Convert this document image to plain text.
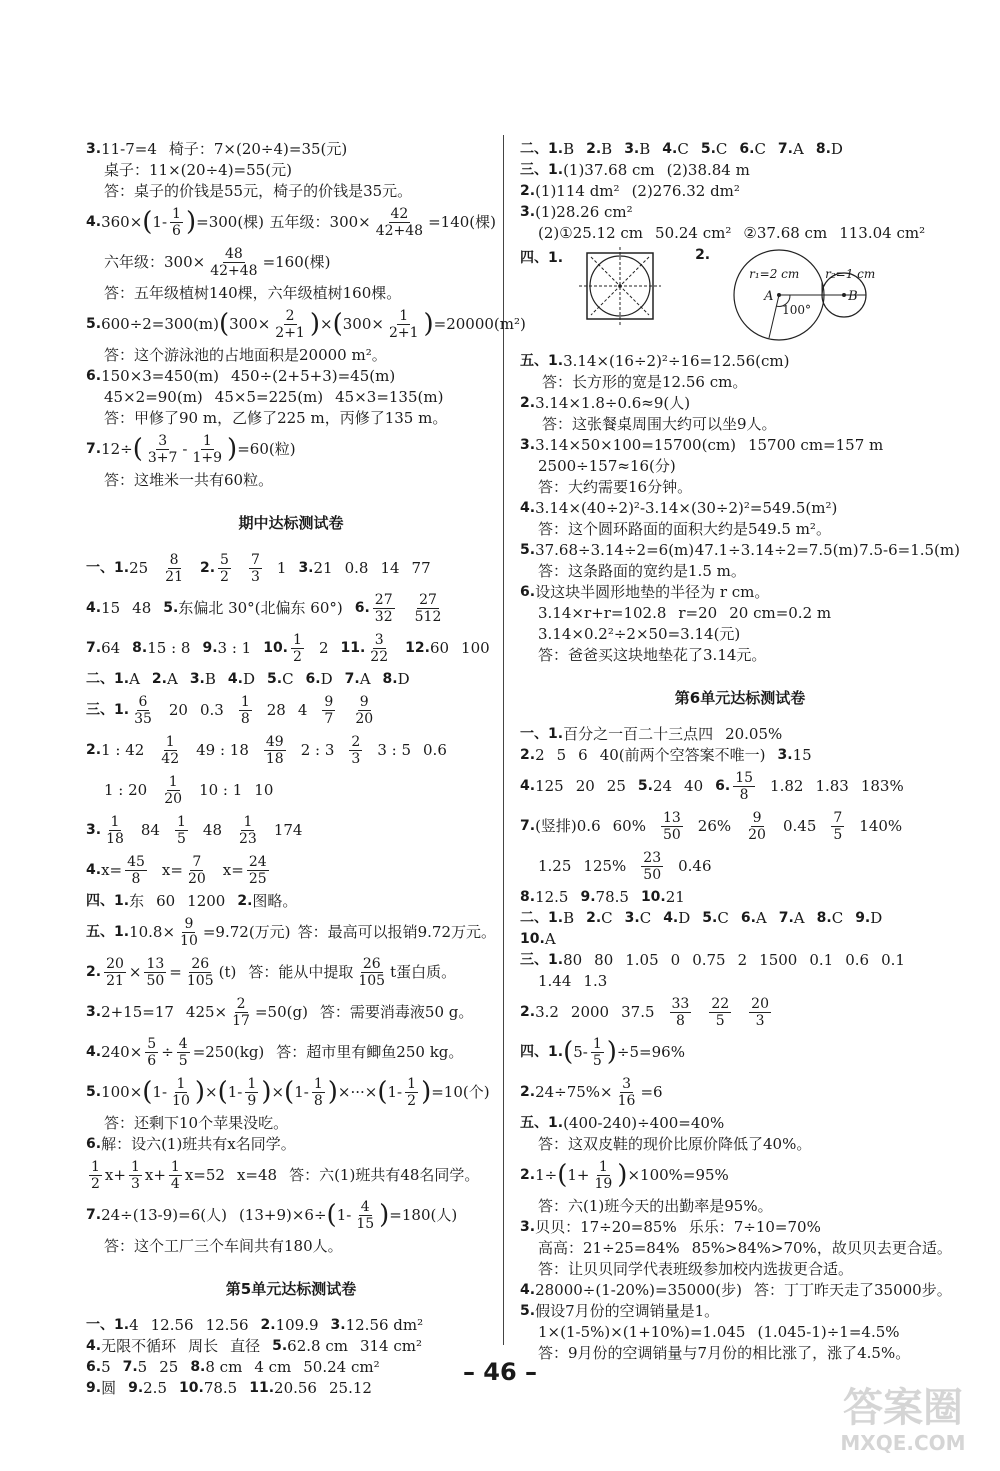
3. 11-7=4 椅子：7×(20÷4)=35(元)
桌子：11×(20÷4)=55(元)
答：桌子的价钱是55元，椅子的价钱是35元。
4. 360× ( 1- 1
6 ) =300(棵) 五年级：$300\times \frac{42}{42+48} =140$(棵)
六年级：$300\times \frac{48}{42+48} =160$(棵)
答：五年级植树140棵，六年级植树160棵。
5. 600÷2=300(m) ( $300\times \frac{2}{2+1}$ ) × ( $300\times \frac{1}{2+1}$ ) =20000(m²)
答：这个游泳池的占地面积是20000 m²。
6. 150×3=450(m) 450÷(2+5+3)=45(m)
45×2=90(m) 45×5=225(m) 45×3=135(m)
答：甲修了90 m，乙修了225 m，丙修了135 m。
7. 12÷ ( 3
3+7 - 1
1+9 ) =60(粒)
答：这堆米一共有60粒。
期中达标测试卷
一、1. 25 8
21
2.
5
2
7
3 1 3. 21 0.8 14 77
4. 15 48 5. 东偏北 30°(北偏东 60°) 6.
27
32
27
512
7. 64 8. 15 : 8 9. 3 : 1 10.
1
2 2 11.
3
22
12. 60 100
二、1. A 2. A 3. B 4. D 5. C 6. D 7. A 8. D
三、1.
6
35 20 0.3 1
8 28 4 9
7
9
20
2. 1 : 42 1
42 49 : 18 49
18 2 : 3 2
3 3 : 5 0.6
1 : 20 1
20 10 : 1 10
3.
1
18 84 1
5 48 1
23 174
4. $x= \frac{45}{8} x= \frac{7}{20} x= \frac{24}{25}$
四、1. 东 60 1200 2. 图略。
五、1. $10.8\times \frac{9}{10} =9.72$(万元) 答：最高可以报销9.72万元。
2. $\frac{20}{21} \times \frac{13}{50} = \frac{26}{105} (t)$ 答：能从中提取 26
105 t蛋白质。
3. 2+15=17 $425\times \frac{2}{17} =50(g)$ 答：需要消毒液50 g。
4. $240\times \frac{5}{6} \div \frac{4}{5} =250(kg)$ 答：超市里有鲫鱼250 kg。
5. 100× ( 1- 1
10 ) × ( 1- 1
9 ) × ( 1- 1
8 ) ×···× ( 1- 1
2 ) =10(个)
答：还剩下10个苹果没吃。
6. 解：设六(1)班共有x名同学。
1
2 $x+ \frac{1}{3} x+ \frac{1}{4} x=52$ x=48 答：六(1)班共有48名同学。
7. 24÷(13-9)=6(人) (13+9)×6÷ ( 1- 4
15 ) =180(人)
答：这个工厂三个车间共有180人。
第5单元达标测试卷
一、1. 4 12.56 12.56 2. 109.9 3. 12.56 dm²
4. 无限不循环 周长 直径 5. 62.8 cm 314 cm²
6. 5 7. 5 25 8. 8 cm 4 cm 50.24 cm²
9. 圆 9. 2.5 10. 78.5 11. 20.56 25.12
二、1. B 2. B 3. B 4. C 5. C 6. C 7. A 8. D
三、1. (1)37.68 cm (2)38.84 m
2. (1)114 dm² (2)276.32 dm²
3. (1)28.26 cm²
(2)①25.12 cm 50.24 cm² ②37.68 cm 113.04 cm²
四、1.	2.
r₁=2 cm r₂=1 cm
A	B
100°
五、1. 3.14×(16÷2)²÷16=12.56(cm)
答：长方形的宽是12.56 cm。
2. 3.14×1.8÷0.6≈9(人)
答：这张餐桌周围大约可以坐9人。
3. 3.14×50×100=15700(cm) 15700 cm=157 m
2500÷157≈16(分)
答：大约需要16分钟。
4. 3.14×(40÷2)²-3.14×(30÷2)²=549.5(m²)
答：这个圆环路面的面积大约是549.5 m²。
5. 37.68÷3.14÷2=6(m) 47.1÷3.14÷2=7.5(m) 7.5-6=1.5(m)
答：这条路面的宽约是1.5 m。
6. 设这块半圆形地垫的半径为 r cm。
3.14×r+r=102.8 r=20 20 cm=0.2 m
3.14×0.2²÷2×50=3.14(元)
答：爸爸买这块地垫花了3.14元。
第6单元达标测试卷
一、1. 百分之一百二十三点四 20.05%
2. 2 5 6 40(前两个空答案不唯一) 3. 15
4. 125 20 25 5. 24 40 6.
15
8 1.82 1.83 183%
7. (竖排)0.6 60% 13
50 26% 9
20 0.45 7
5 140%
1.25 125% 23
50 0.46
8. 12.5 9. 78.5 10. 21
二、1. B 2. C 3. C 4. D 5. C 6. A 7. A 8. C 9. D
10. A
三、1. 80 80 1.05 0 0.75 2 1500 0.1 0.6 0.1
1.44 1.3
2. 3.2 2000 37.5 33
8
22
5
20
3
四、1. ( 5- 1
5 ) ÷5=96%
2. $24\div 75\%\times \frac{3}{16} =6$
五、1. (400-240)÷400=40%
答：这双皮鞋的现价比原价降低了40%。
2. 1÷ ( $1+ \frac{1}{19}$ ) ×100%=95%
答：六(1)班今天的出勤率是95%。
3. 贝贝：17÷20=85% 乐乐：7÷10=70%
高高：21÷25=84% 85%>84%>70%，故贝贝去更合适。
答：让贝贝同学代表班级参加校内选拔更合适。
4. 28000÷(1-20%)=35000(步) 答：丁丁昨天走了35000步。
5. 假设7月份的空调销量是1。
1×(1-5%)×(1+10%)=1.045 (1.045-1)÷1=4.5%
答：9月份的空调销量与7月份的相比涨了，涨了4.5%。
– 46 –
答案圈
MXQE.COM
